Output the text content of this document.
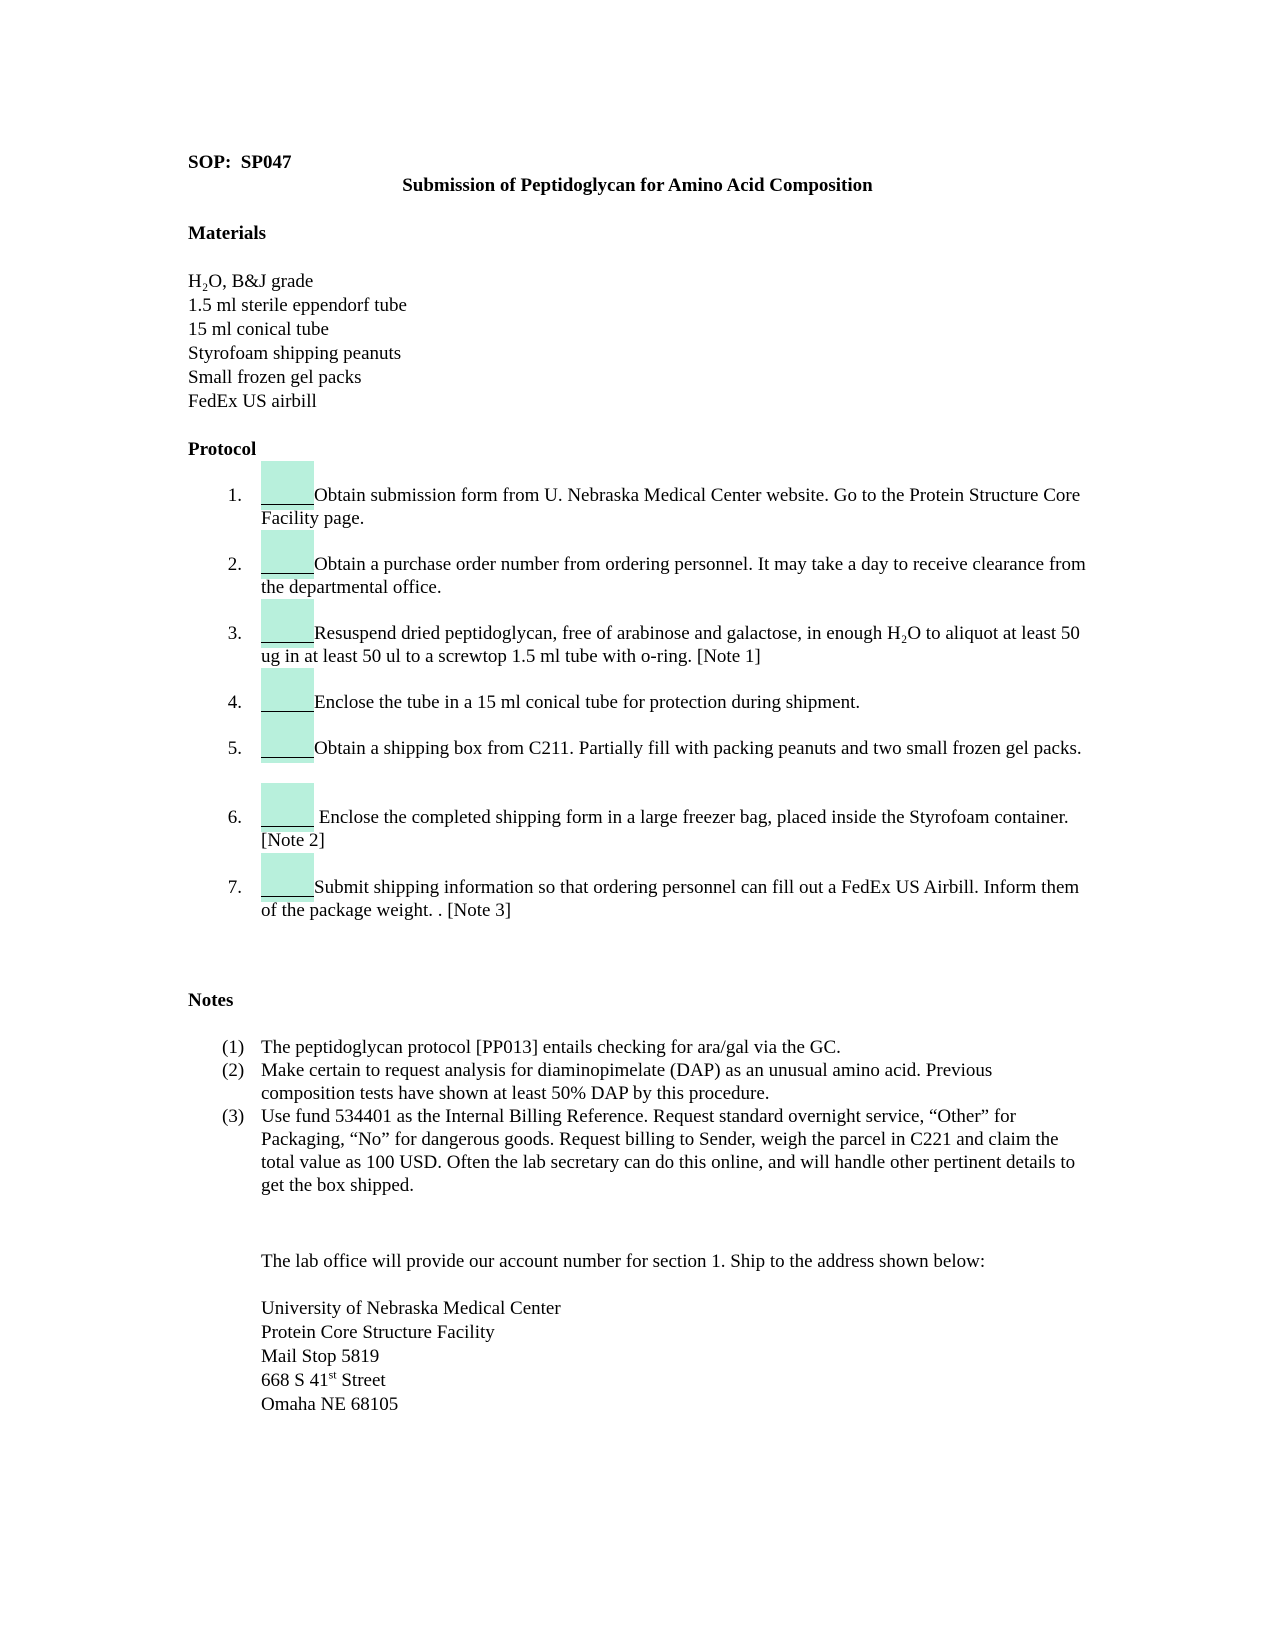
SOP: SP047
Submission of Peptidoglycan for Amino Acid Composition
Materials
H₂O, B&J grade
1.5 ml sterile eppendorf tube
15 ml conical tube
Styrofoam shipping peanuts
Small frozen gel packs
FedEx US airbill
Protocol
1.	Obtain submission form from U. Nebraska Medical Center website. Go to the Protein Structure Core Facility page.
2.	Obtain a purchase order number from ordering personnel. It may take a day to receive clearance from the departmental office.
3.	Resuspend dried peptidoglycan, free of arabinose and galactose, in enough H₂O to aliquot at least 50 ug in at least 50 ul to a screwtop 1.5 ml tube with o-ring. [Note 1]
4.	Enclose the tube in a 15 ml conical tube for protection during shipment.
5.	Obtain a shipping box from C211. Partially fill with packing peanuts and two small frozen gel packs.
6.	Enclose the completed shipping form in a large freezer bag, placed inside the Styrofoam container. [Note 2]
7.	Submit shipping information so that ordering personnel can fill out a FedEx US Airbill. Inform them of the package weight. . [Note 3]
Notes
(1) The peptidoglycan protocol [PP013] entails checking for ara/gal via the GC.
(2) Make certain to request analysis for diaminopimelate (DAP) as an unusual amino acid. Previous composition tests have shown at least 50% DAP by this procedure.
(3) Use fund 534401 as the Internal Billing Reference. Request standard overnight service, “Other” for Packaging, “No” for dangerous goods. Request billing to Sender, weigh the parcel in C221 and claim the total value as 100 USD. Often the lab secretary can do this online, and will handle other pertinent details to get the box shipped.
The lab office will provide our account number for section 1. Ship to the address shown below:
University of Nebraska Medical Center
Protein Core Structure Facility
Mail Stop 5819
668 S 41st Street
Omaha NE 68105
